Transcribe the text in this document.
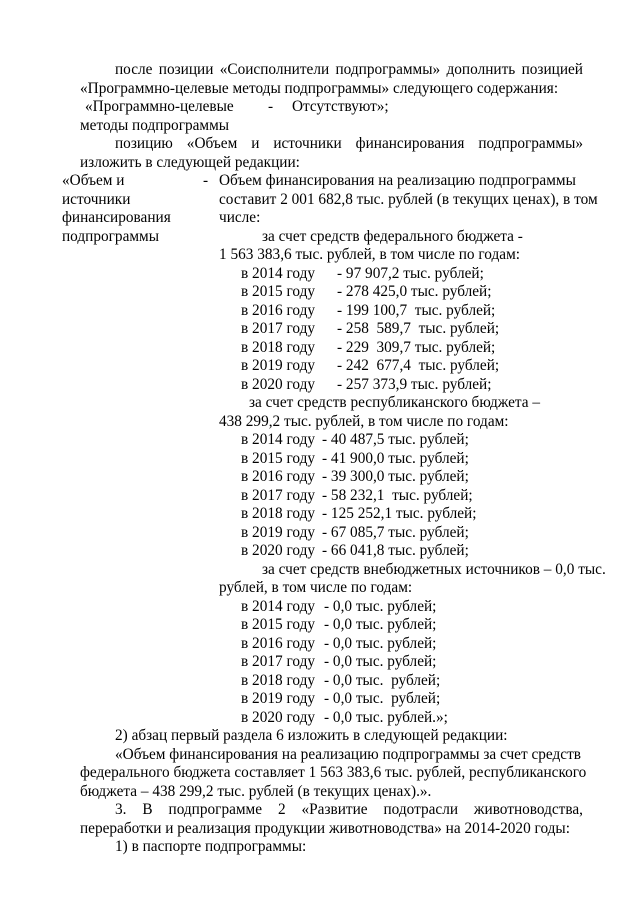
после позиции «Соисполнители подпрограммы» дополнить позицией
«Программно-целевые методы подпрограммы» следующего содержания:
«Программно-целевые - Отсутствуют»;
методы подпрограммы
позицию «Объем и источники финансирования подпрограммы»
изложить в следующей редакции:
«Объем и	-
источники
финансирования
подпрограммы
Объем финансирования на реализацию подпрограммы
составит 2 001 682,8 тыс. рублей (в текущих ценах), в том
числе:
за счет средств федерального бюджета -
1 563 383,6 тыс. рублей, в том числе по годам:
в 2014 году - 97 907,2 тыс. рублей;
в 2015 году - 278 425,0 тыс. рублей;
в 2016 году - 199 100,7  тыс. рублей;
в 2017 году - 258  589,7  тыс. рублей;
в 2018 году - 229  309,7 тыс. рублей;
в 2019 году - 242  677,4  тыс. рублей;
в 2020 году - 257 373,9 тыс. рублей;
за счет средств республиканского бюджета –
438 299,2 тыс. рублей, в том числе по годам:
в 2014 году - 40 487,5 тыс. рублей;
в 2015 году - 41 900,0 тыс. рублей;
в 2016 году - 39 300,0 тыс. рублей;
в 2017 году - 58 232,1  тыс. рублей;
в 2018 году - 125 252,1 тыс. рублей;
в 2019 году - 67 085,7 тыс. рублей;
в 2020 году - 66 041,8 тыс. рублей;
за счет средств внебюджетных источников – 0,0 тыс.
рублей, в том числе по годам:
в 2014 году - 0,0 тыс. рублей;
в 2015 году - 0,0 тыс. рублей;
в 2016 году - 0,0 тыс. рублей;
в 2017 году - 0,0 тыс. рублей;
в 2018 году - 0,0 тыс.  рублей;
в 2019 году - 0,0 тыс.  рублей;
в 2020 году - 0,0 тыс. рублей.»;
2) абзац первый раздела 6 изложить в следующей редакции:
«Объем финансирования на реализацию подпрограммы за счет средств
федерального бюджета составляет 1 563 383,6 тыс. рублей, республиканского
бюджета – 438 299,2 тыс. рублей (в текущих ценах).».
3. В подпрограмме 2 «Развитие подотрасли животноводства,
переработки и реализация продукции животноводства» на 2014-2020 годы:
1) в паспорте подпрограммы:
